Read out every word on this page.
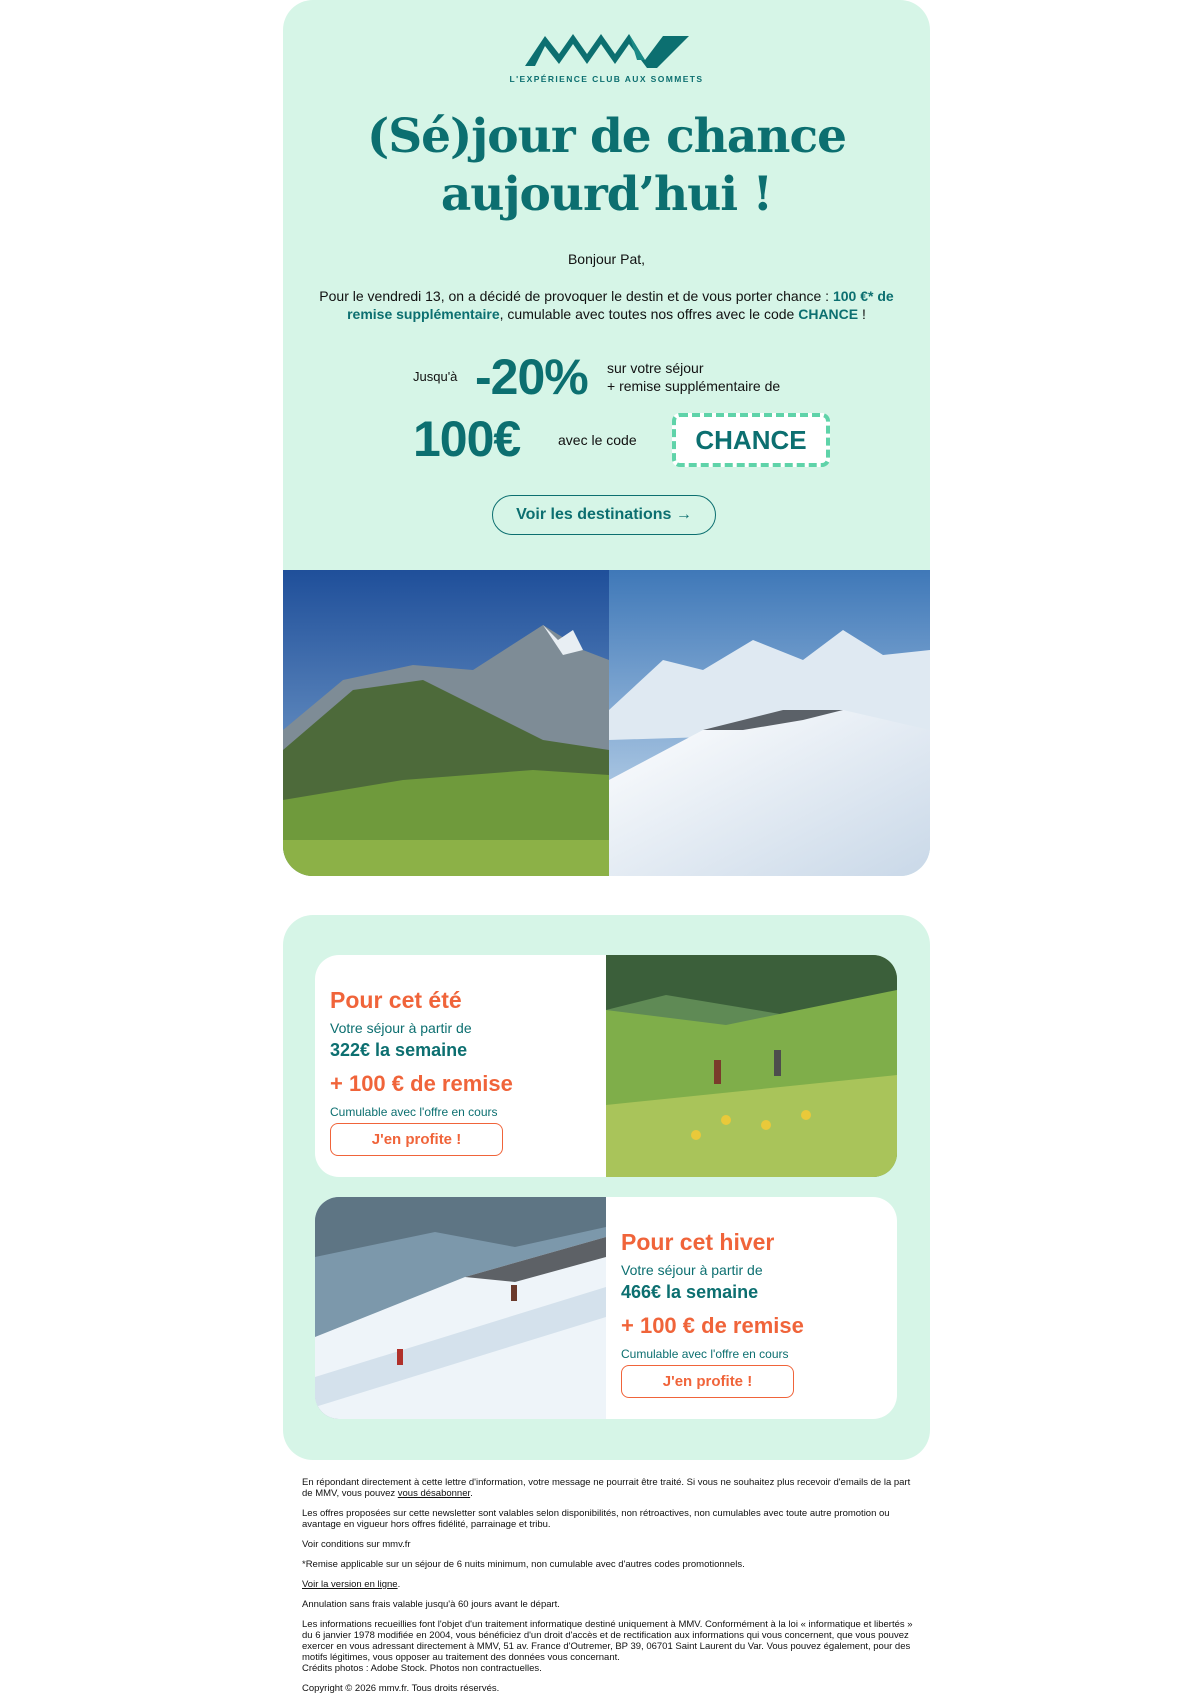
L'EXPÉRIENCE CLUB AUX SOMMETS
(Sé)jour de chance
aujourd’hui !
Bonjour Pat,
Pour le vendredi 13, on a décidé de provoquer le destin et de vous porter chance : 100 €* de remise supplémentaire, cumulable avec toutes nos offres avec le code CHANCE !
Jusqu'à -20% sur votre séjour
+ remise supplémentaire de
100€	avec le code	CHANCE
Voir les destinations →
Pour cet été
Votre séjour à partir de
322€ la semaine
+ 100 € de remise
Cumulable avec l'offre en cours
J'en profite !
Pour cet hiver
Votre séjour à partir de
466€ la semaine
+ 100 € de remise
Cumulable avec l'offre en cours
J'en profite !

En répondant directement à cette lettre d'information, votre message ne pourrait être traité. Si vous ne souhaitez plus recevoir d'emails de la part de MMV, vous pouvez vous désabonner.

Les offres proposées sur cette newsletter sont valables selon disponibilités, non rétroactives, non cumulables avec toute autre promotion ou avantage en vigueur hors offres fidélité, parrainage et tribu.

Voir conditions sur mmv.fr

*Remise applicable sur un séjour de 6 nuits minimum, non cumulable avec d'autres codes promotionnels.

Voir la version en ligne.

Annulation sans frais valable jusqu'à 60 jours avant le départ.

Les informations recueillies font l'objet d'un traitement informatique destiné uniquement à MMV. Conformément à la loi « informatique et libertés » du 6 janvier 1978 modifiée en 2004, vous bénéficiez d'un droit d'accès et de rectification aux informations qui vous concernent, que vous pouvez exercer en vous adressant directement à MMV, 51 av. France d'Outremer, BP 39, 06701 Saint Laurent du Var. Vous pouvez également, pour des motifs légitimes, vous opposer au traitement des données vous concernant.

Crédits photos : Adobe Stock. Photos non contractuelles.

Copyright © 2026 mmv.fr. Tous droits réservés.
